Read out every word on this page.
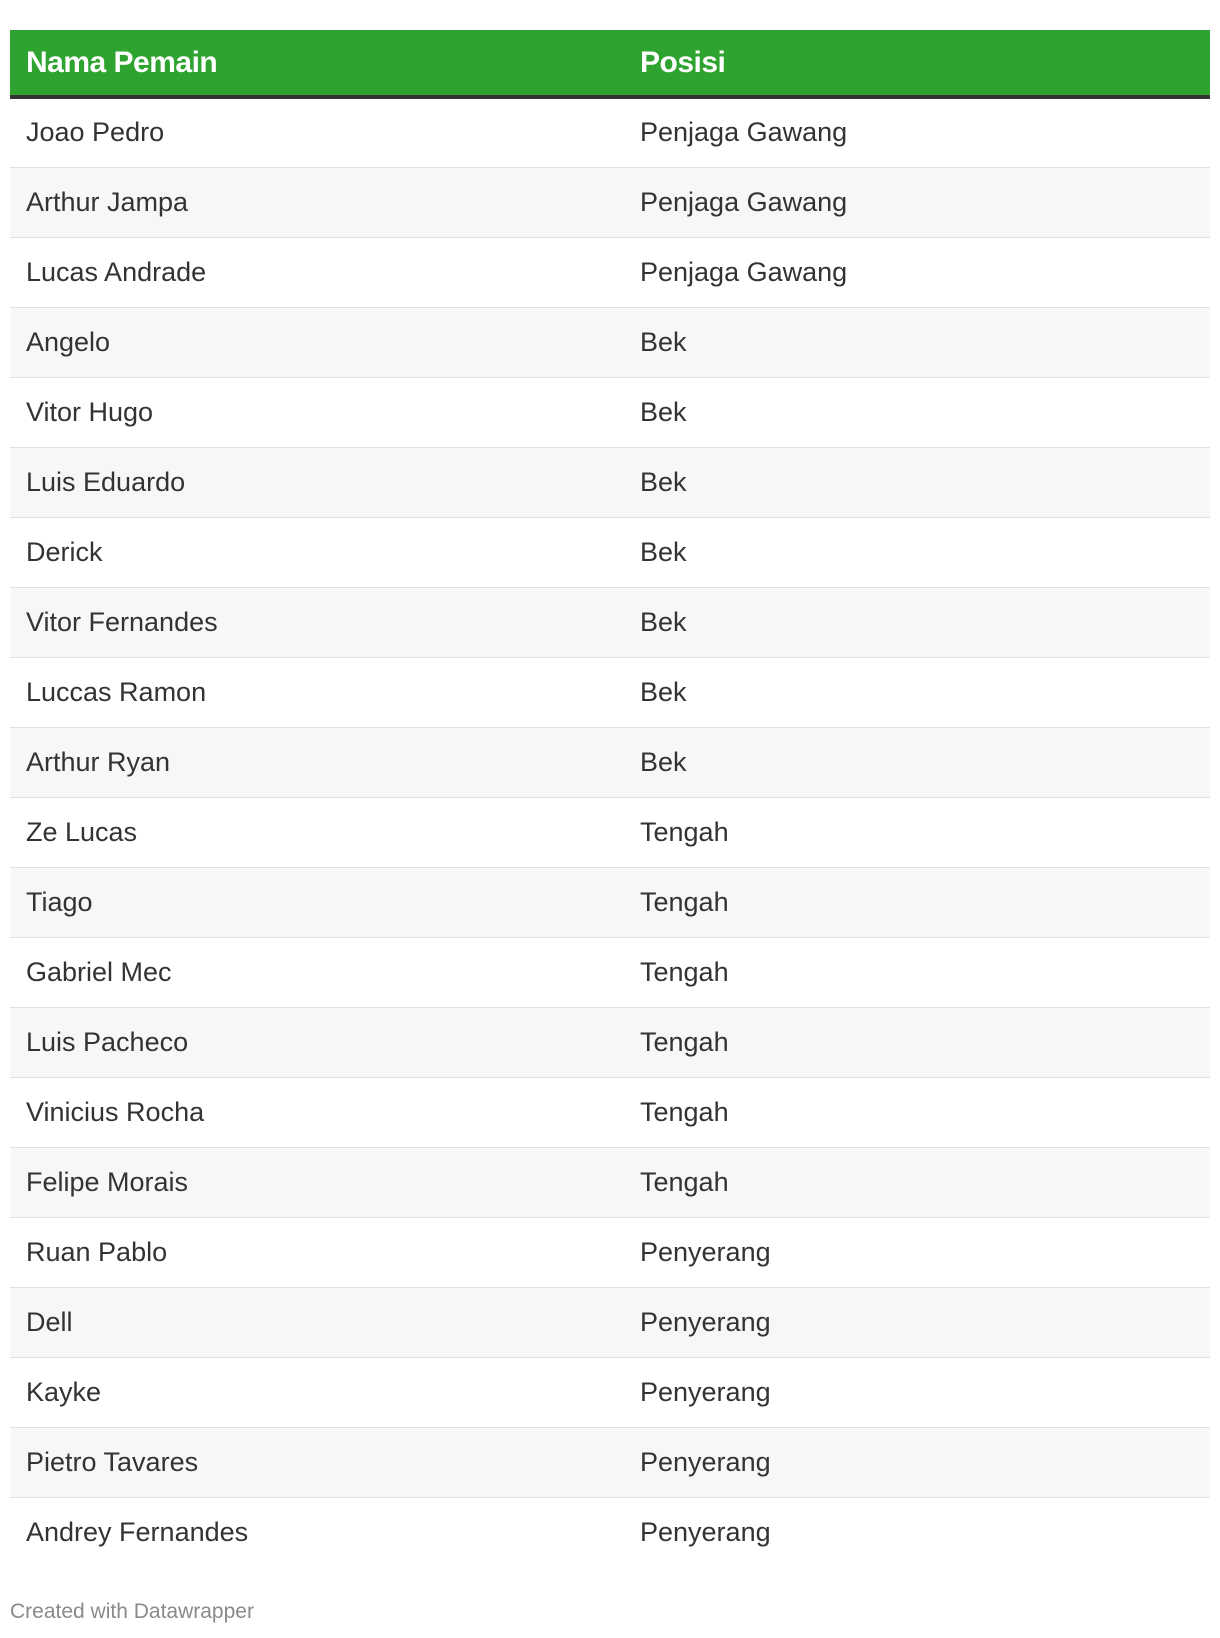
Nama Pemain	Posisi
Joao Pedro	Penjaga Gawang
Arthur Jampa	Penjaga Gawang
Lucas Andrade	Penjaga Gawang
Angelo	Bek
Vitor Hugo	Bek
Luis Eduardo	Bek
Derick	Bek
Vitor Fernandes	Bek
Luccas Ramon	Bek
Arthur Ryan	Bek
Ze Lucas	Tengah
Tiago	Tengah
Gabriel Mec	Tengah
Luis Pacheco	Tengah
Vinicius Rocha	Tengah
Felipe Morais	Tengah
Ruan Pablo	Penyerang
Dell	Penyerang
Kayke	Penyerang
Pietro Tavares	Penyerang
Andrey Fernandes	Penyerang
Created with Datawrapper
